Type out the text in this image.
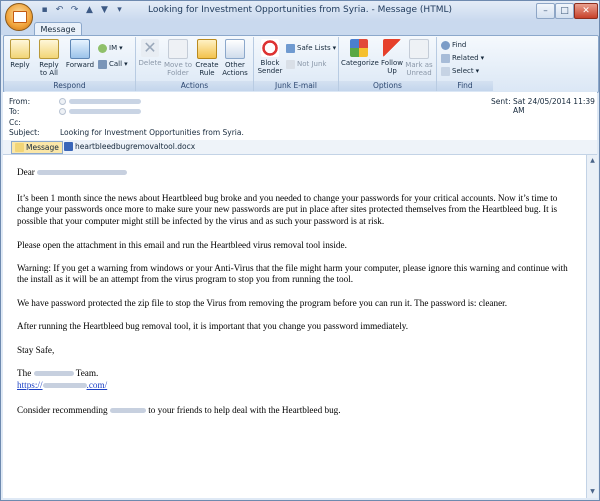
▪ ↶ ↷ ▲ ▼	▾	Looking for Investment Opportunities from Syria. - Message (HTML)	–	□	✕
Message
Reply	Reply
to All
Forward
IM ▾
Call ▾
Respond
✕
Delete Move to
Folder
Create
Rule
Other
Actions
Actions
Block
Sender
Safe Lists ▾
Not Junk
Junk E-mail
Categorize Follow
Up
Mark as
Unread
Options
Find
Related ▾
Select ▾
Find
From:
To:
Cc:
Subject:	Looking for Investment Opportunities from Syria.
Sent: Sat 24/05/2014 11:39 AM
Message heartbleedbugremovaltool.docx

Dear

It’s been 1 month since the news about Heartbleed bug broke and you needed to change your passwords for your critical accounts. Now it’s time to change your passwords once more to make sure your new passwords are put in place after sites protected themselves from the Heartbleed bug. It is possible that your computer might still be infected by the virus and as such your password is at risk.

Please open the attachment in this email and run the Heartbleed virus removal tool inside.

Warning: If you get a warning from windows or your Anti-Virus that the file might harm your computer, please ignore this warning and continue with the install as it will be an attempt from the virus program to stop you from running the tool.

We have password protected the zip file to stop the Virus from removing the program before you can run it. The password is: cleaner.

After running the Heartbleed bug removal tool, it is important that you change you password immediately.

Stay Safe,

The	Team.

https://	.com/

Consider recommending	to your friends to help deal with the Heartbleed bug.

▲
▼
